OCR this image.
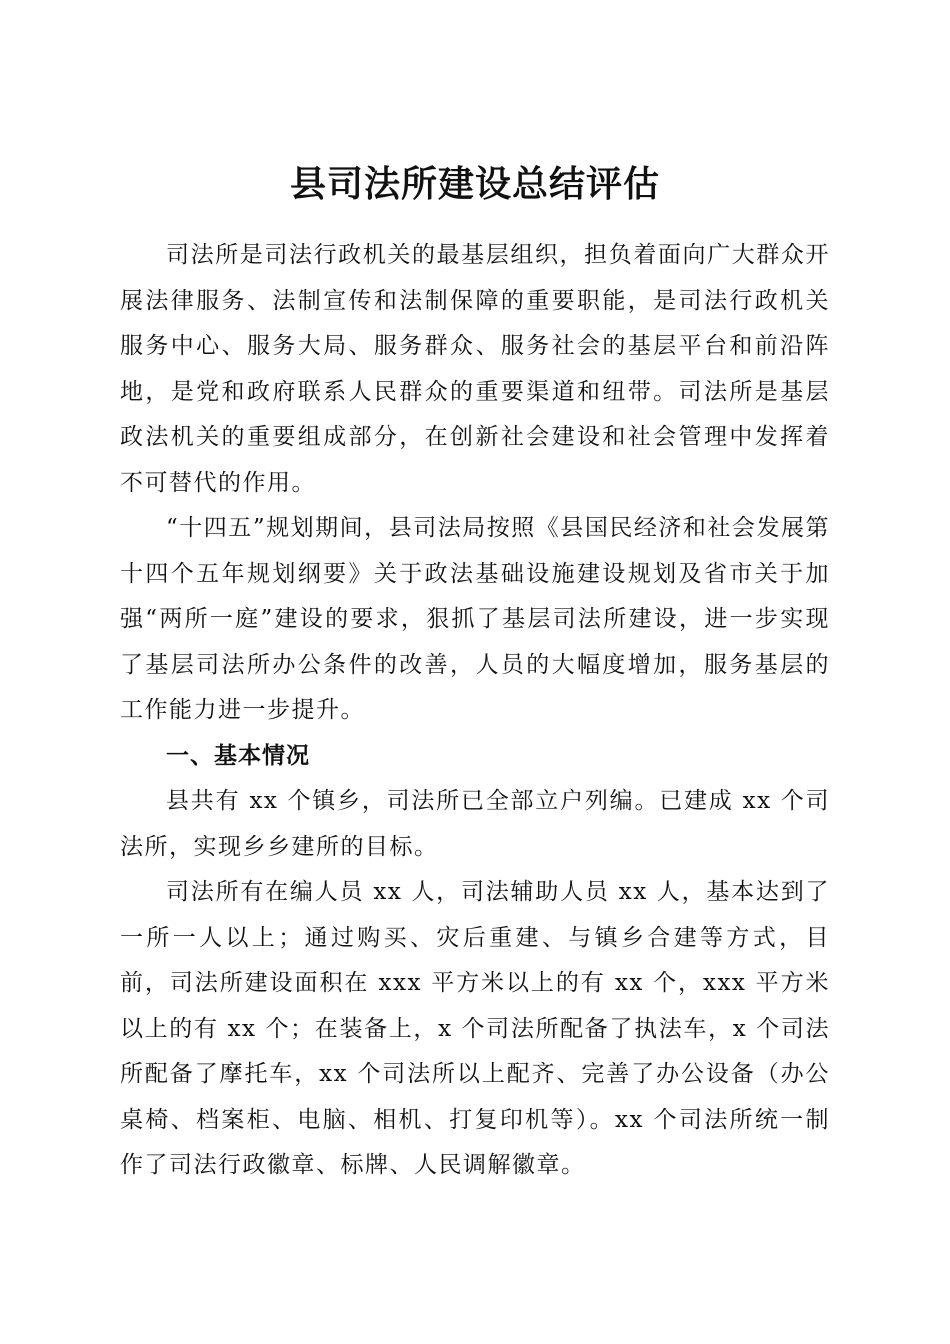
县司法所建设总结评估

司法所是司法行政机关的最基层组织，担负着面向广大群众开展法律服务、法制宣传和法制保障的重要职能，是司法行政机关服务中心、服务大局、服务群众、服务社会的基层平台和前沿阵地，是党和政府联系人民群众的重要渠道和纽带。司法所是基层政法机关的重要组成部分，在创新社会建设和社会管理中发挥着不可替代的作用。

“十四五”规划期间，县司法局按照《县国民经济和社会发展第十四个五年规划纲要》关于政法基础设施建设规划及省市关于加强“两所一庭”建设的要求，狠抓了基层司法所建设，进一步实现了基层司法所办公条件的改善，人员的大幅度增加，服务基层的工作能力进一步提升。

一、基本情况

县共有 xx 个镇乡，司法所已全部立户列编。已建成 xx 个司法所，实现乡乡建所的目标。

司法所有在编人员 xx 人，司法辅助人员 xx 人，基本达到了一所一人以上；通过购买、灾后重建、与镇乡合建等方式，目前，司法所建设面积在 xxx 平方米以上的有 xx 个，xxx 平方米以上的有 xx 个；在装备上，x 个司法所配备了执法车，x 个司法所配备了摩托车，xx 个司法所以上配齐、完善了办公设备（办公桌椅、档案柜、电脑、相机、打复印机等）。xx 个司法所统一制作了司法行政徽章、标牌、人民调解徽章。
